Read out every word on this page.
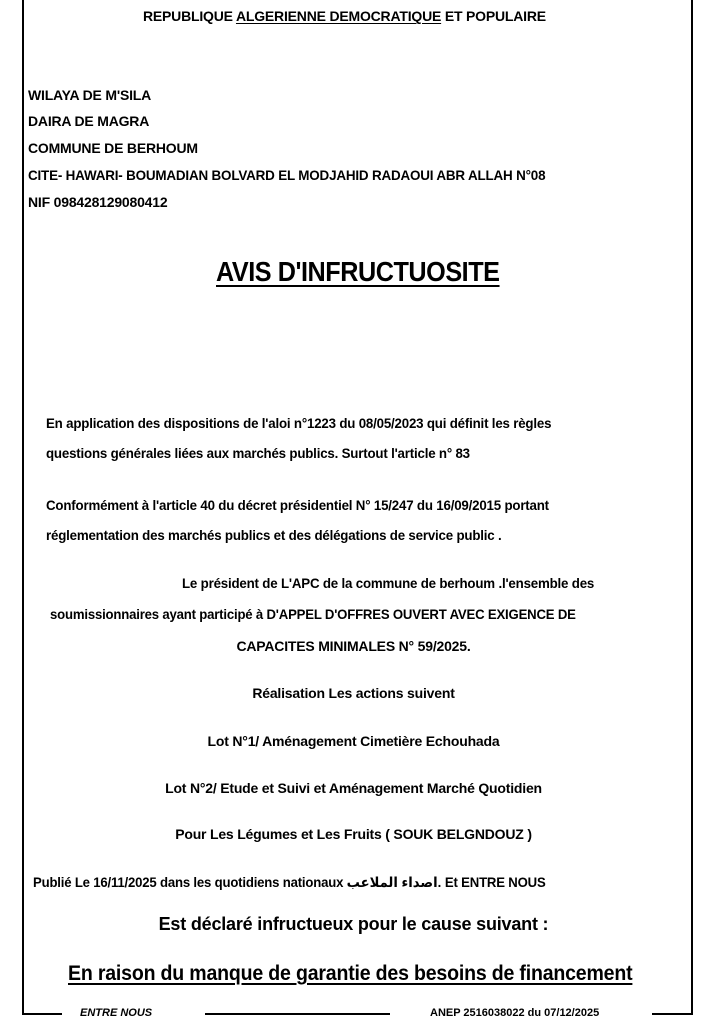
REPUBLIQUE ALGERIENNE DEMOCRATIQUE ET POPULAIRE
WILAYA DE M'SILA
DAIRA DE MAGRA
COMMUNE DE BERHOUM
CITE- HAWARI- BOUMADIAN BOLVARD EL MODJAHID RADAOUI ABR ALLAH N°08
NIF 098428129080412
AVIS D'INFRUCTUOSITE
En application des dispositions de l'aloi n°1223 du 08/05/2023 qui définit les règles
questions générales liées aux marchés publics. Surtout l'article n° 83
Conformément à l'article 40 du décret présidentiel N° 15/247 du 16/09/2015 portant
réglementation des marchés publics et des délégations de service public .
Le président de L'APC de la commune de berhoum .l'ensemble des
soumissionnaires ayant participé à D'APPEL D'OFFRES OUVERT AVEC EXIGENCE DE
CAPACITES MINIMALES N° 59/2025.
Réalisation Les actions suivent
Lot N°1/ Aménagement Cimetière Echouhada
Lot N°2/ Etude et Suivi et Aménagement Marché Quotidien
Pour Les Légumes et Les Fruits ( SOUK BELGNDOUZ )
Publié Le 16/11/2025 dans les quotidiens nationaux اصداء الملاعب. Et ENTRE NOUS
Est déclaré infructueux pour le cause suivant :
En raison du manque de garantie des besoins de financement
ENTRE NOUS	ANEP 2516038022 du 07/12/2025
